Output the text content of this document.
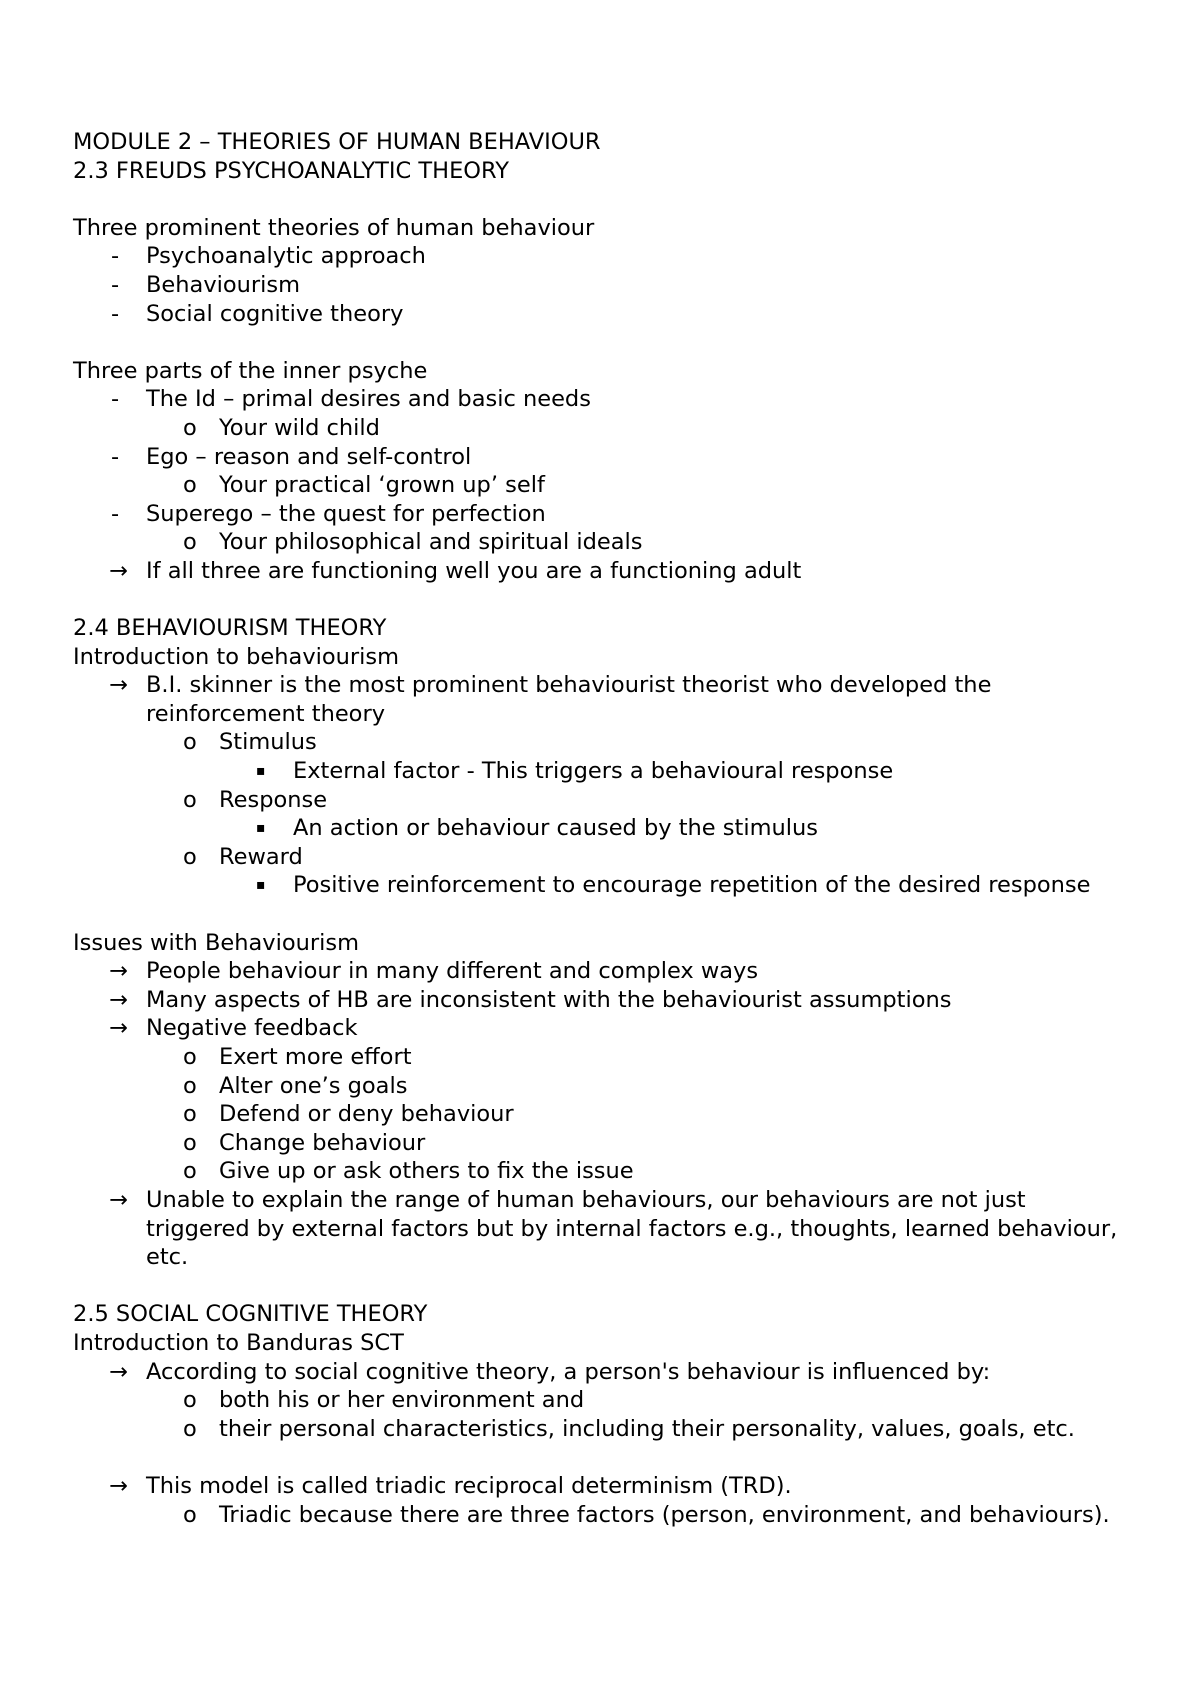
MODULE 2 – THEORIES OF HUMAN BEHAVIOUR
2.3 FREUDS PSYCHOANALYTIC THEORY
Three prominent theories of human behaviour
- Psychoanalytic approach
- Behaviourism
- Social cognitive theory
Three parts of the inner psyche
- The Id – primal desires and basic needs
o Your wild child
- Ego – reason and self-control
o Your practical ‘grown up’ self
- Superego – the quest for perfection
o Your philosophical and spiritual ideals
→ If all three are functioning well you are a functioning adult
2.4 BEHAVIOURISM THEORY
Introduction to behaviourism
→ B.I. skinner is the most prominent behaviourist theorist who developed the reinforcement theory
o Stimulus
▪ External factor - This triggers a behavioural response
o Response
▪ An action or behaviour caused by the stimulus
o Reward
▪ Positive reinforcement to encourage repetition of the desired response
Issues with Behaviourism
→ People behaviour in many different and complex ways
→ Many aspects of HB are inconsistent with the behaviourist assumptions
→ Negative feedback
o Exert more effort
o Alter one’s goals
o Defend or deny behaviour
o Change behaviour
o Give up or ask others to fix the issue
→ Unable to explain the range of human behaviours, our behaviours are not just triggered by external factors but by internal factors e.g., thoughts, learned behaviour, etc.
2.5 SOCIAL COGNITIVE THEORY
Introduction to Banduras SCT
→ According to social cognitive theory, a person's behaviour is influenced by:
o both his or her environment and
o their personal characteristics, including their personality, values, goals, etc.
→ This model is called triadic reciprocal determinism (TRD).
o Triadic because there are three factors (person, environment, and behaviours).
